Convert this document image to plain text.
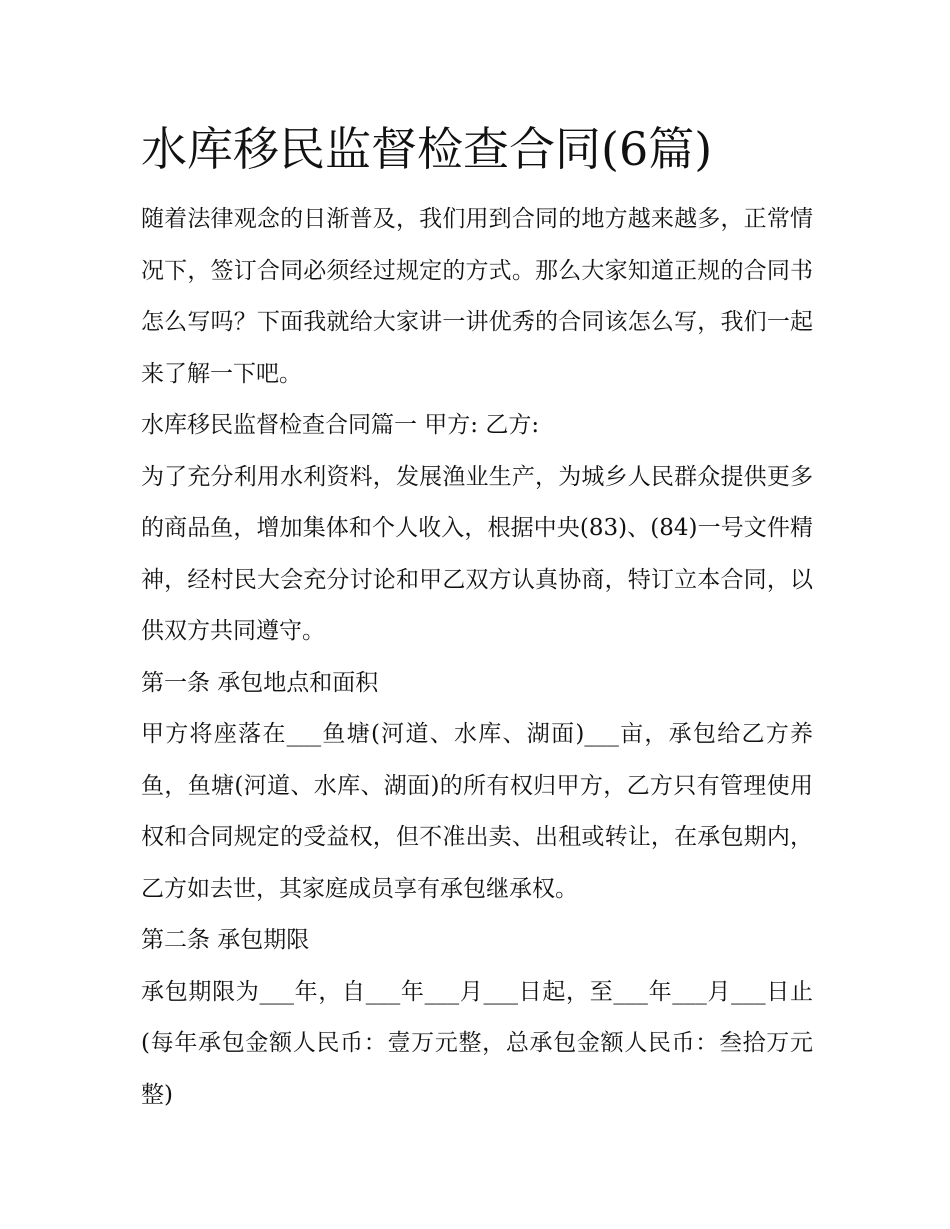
水库移民监督检查合同(6篇)

随着法律观念的日渐普及，我们用到合同的地方越来越多，正常情况下，签订合同必须经过规定的方式。那么大家知道正规的合同书怎么写吗？下面我就给大家讲一讲优秀的合同该怎么写，我们一起来了解一下吧。

水库移民监督检查合同篇一 甲方: 乙方:

为了充分利用水利资料，发展渔业生产，为城乡人民群众提供更多的商品鱼，增加集体和个人收入，根据中央(83)、(84)一号文件精神，经村民大会充分讨论和甲乙双方认真协商，特订立本合同，以供双方共同遵守。

第一条 承包地点和面积

甲方将座落在___鱼塘(河道、水库、湖面)___亩，承包给乙方养鱼，鱼塘(河道、水库、湖面)的所有权归甲方，乙方只有管理使用权和合同规定的受益权，但不准出卖、出租或转让，在承包期内，乙方如去世，其家庭成员享有承包继承权。

第二条 承包期限

承包期限为___年，自___年___月___日起，至___年___月___日止(每年承包金额人民币：壹万元整，总承包金额人民币：叁拾万元整)
